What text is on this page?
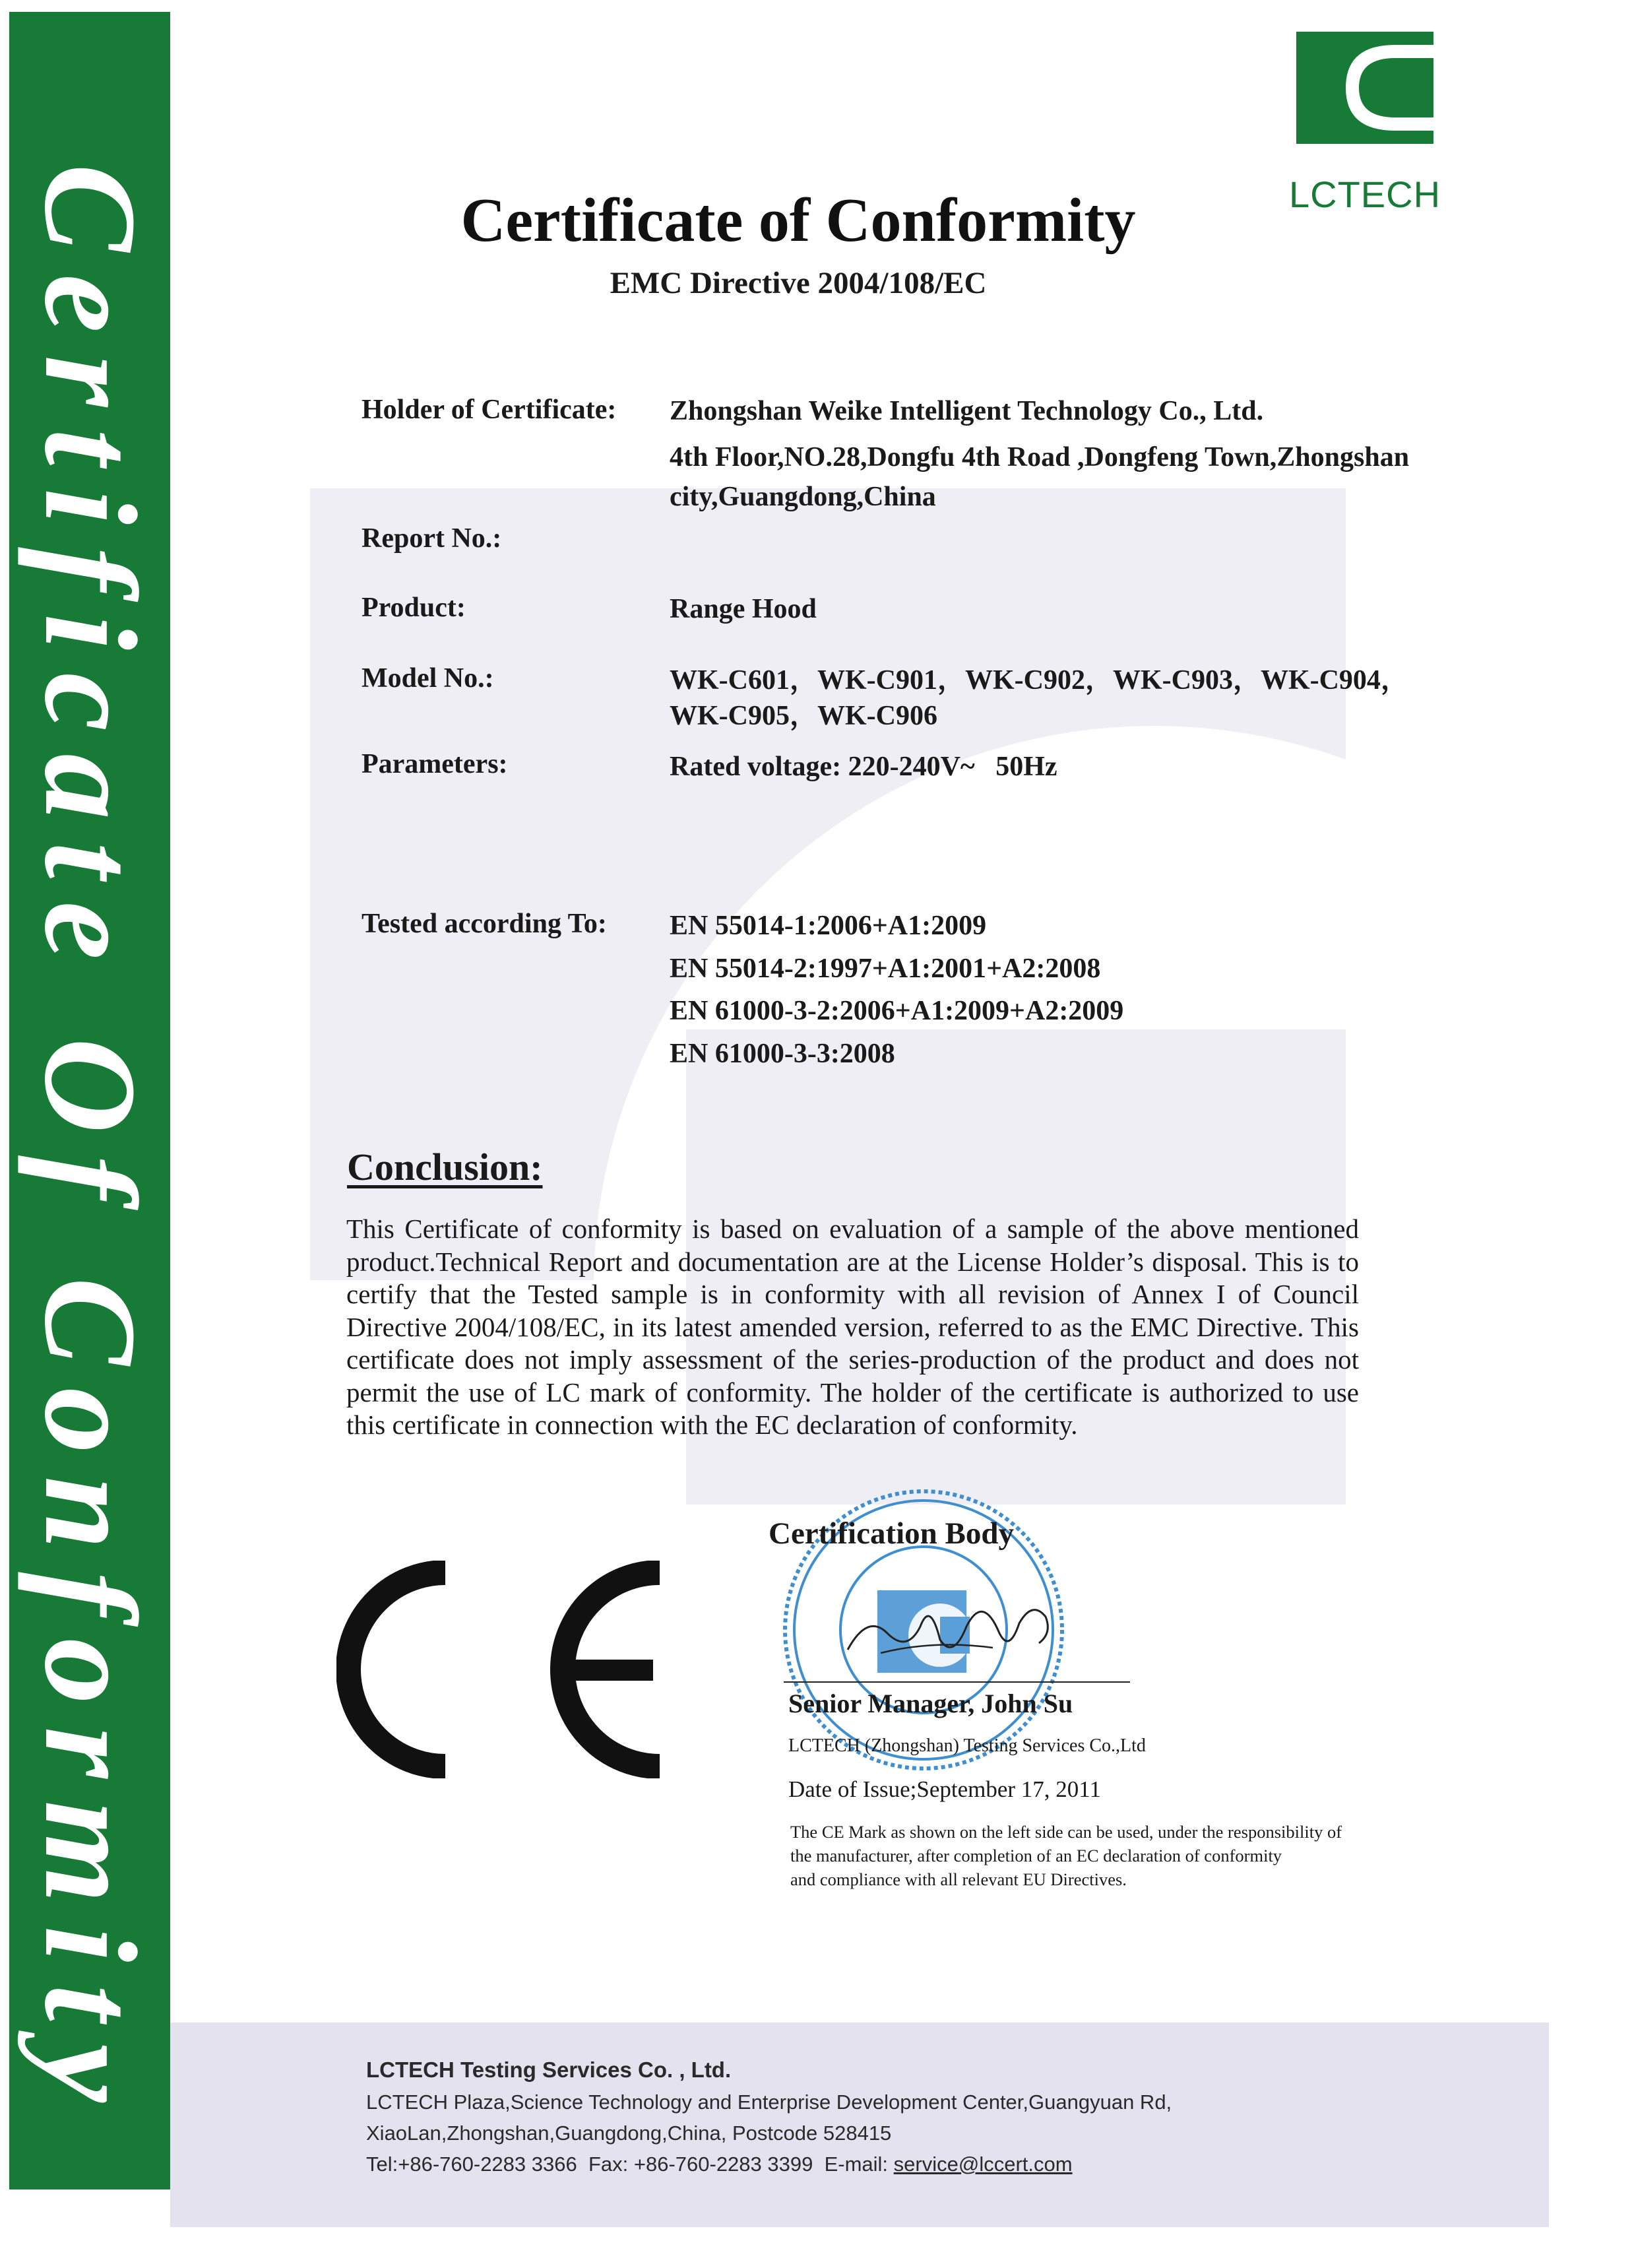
Certificate Of Conformity	LCTECH
Certificate of Conformity
EMC Directive 2004/108/EC
Holder of Certificate: Zhongshan Weike Intelligent Technology Co., Ltd.
4th Floor,NO.28,Dongfu 4th Road ,Dongfeng Town,Zhongshan
city,Guangdong,China
Report No.:
Product:	Range Hood
Model No.:	WK-C601，WK-C901，WK-C902，WK-C903，WK-C904，
WK-C905，WK-C906
Parameters:	Rated voltage: 220-240V~   50Hz
Tested according To: EN 55014-1:2006+A1:2009
EN 55014-2:1997+A1:2001+A2:2008
EN 61000-3-2:2006+A1:2009+A2:2009
EN 61000-3-3:2008
Conclusion:
This Certificate of conformity is based on evaluation of a sample of the above mentioned product.Technical Report and documentation are at the License Holder’s disposal. This is to certify that the Tested sample is in conformity with all revision of Annex I of Council Directive 2004/108/EC, in its latest amended version, referred to as the EMC Directive. This certificate does not imply assessment of the series-production of the product and does not permit the use of LC mark of conformity. The holder of the certificate is authorized to use this certificate in connection with the EC declaration of conformity.
Certification Body
Senior Manager, John Su
LCTECH (Zhongshan) Testing Services Co.,Ltd
Date of Issue;September 17, 2011
The CE Mark as shown on the left side can be used, under the responsibility of
the manufacturer, after completion of an EC declaration of conformity
and compliance with all relevant EU Directives.
LCTECH Testing Services Co. , Ltd.
LCTECH Plaza,Science Technology and Enterprise Development Center,Guangyuan Rd,
XiaoLan,Zhongshan,Guangdong,China, Postcode 528415
Tel:+86-760-2283 3366  Fax: +86-760-2283 3399  E-mail: service@lccert.com
